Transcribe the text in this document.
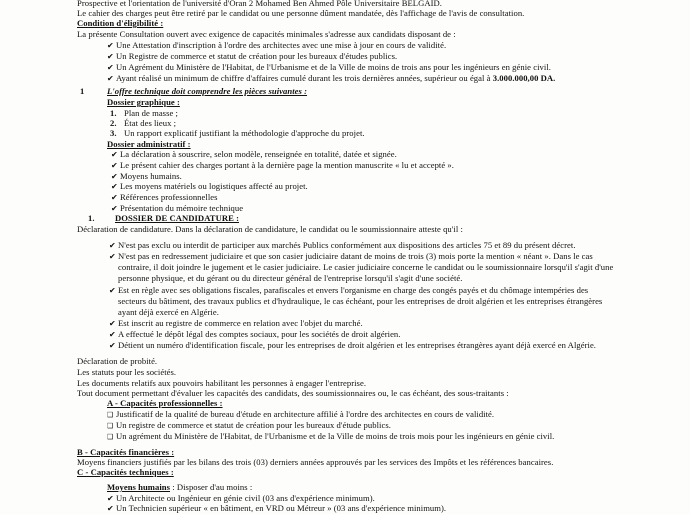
Prospective et l'orientation de l'université d'Oran 2 Mohamed Ben Ahmed Pôle Universitaire BELGAID.
Le cahier des charges peut être retiré par le candidat ou une personne dûment mandatée, dès l'affichage de l'avis de consultation.
Condition d'éligibilité :
La présente Consultation ouvert avec exigence de capacités minimales s'adresse aux candidats disposant de :
✔ Une Attestation d'inscription à l'ordre des architectes avec une mise à jour en cours de validité.
✔ Un Registre de commerce et statut de création pour les bureaux d'études publics.
✔ Un Agrément du Ministère de l'Habitat, de l'Urbanisme et de la Ville de moins de trois ans pour les ingénieurs en génie civil.
✔ Ayant réalisé un minimum de chiffre d'affaires cumulé durant les trois dernières années, supérieur ou égal à 3.000.000,00 DA.
1	L'offre technique doit comprendre les pièces suivantes :
Dossier graphique :
1. Plan de masse ;
2. État des lieux ;
3. Un rapport explicatif justifiant la méthodologie d'approche du projet.
Dossier administratif :
✔ La déclaration à souscrire, selon modèle, renseignée en totalité, datée et signée.
✔ Le présent cahier des charges portant à la dernière page la mention manuscrite « lu et accepté ».
✔ Moyens humains.
✔ Les moyens matériels ou logistiques affecté au projet.
✔ Références professionnelles
✔ Présentation du mémoire technique
1. DOSSIER DE CANDIDATURE :
Déclaration de candidature. Dans la déclaration de candidature, le candidat ou le soumissionnaire atteste qu'il :
✔ N'est pas exclu ou interdit de participer aux marchés Publics conformément aux dispositions des articles 75 et 89 du présent décret.
✔ N'est pas en redressement judiciaire et que son casier judiciaire datant de moins de trois (3) mois porte la mention « néant ». Dans le cas
contraire, il doit joindre le jugement et le casier judiciaire. Le casier judiciaire concerne le candidat ou le soumissionnaire lorsqu'il s'agit d'une
personne physique, et du gérant ou du directeur général de l'entreprise lorsqu'il s'agit d'une société.
✔ Est en règle avec ses obligations fiscales, parafiscales et envers l'organisme en charge des congés payés et du chômage intempéries des
secteurs du bâtiment, des travaux publics et d'hydraulique, le cas échéant, pour les entreprises de droit algérien et les entreprises étrangères
ayant déjà exercé en Algérie.
✔ Est inscrit au registre de commerce en relation avec l'objet du marché.
✔ A effectué le dépôt légal des comptes sociaux, pour les sociétés de droit algérien.
✔ Détient un numéro d'identification fiscale, pour les entreprises de droit algérien et les entreprises étrangères ayant déjà exercé en Algérie.
Déclaration de probité.
Les statuts pour les sociétés.
Les documents relatifs aux pouvoirs habilitant les personnes à engager l'entreprise.
Tout document permettant d'évaluer les capacités des candidats, des soumissionnaires ou, le cas échéant, des sous-traitants :
A - Capacités professionnelles :
❑ Justificatif de la qualité de bureau d'étude en architecture affilié à l'ordre des architectes en cours de validité.
❑ Un registre de commerce et statut de création pour les bureaux d'étude publics.
❑ Un agrément du Ministère de l'Habitat, de l'Urbanisme et de la Ville de moins de trois mois pour les ingénieurs en génie civil.
B - Capacités financières :
Moyens financiers justifiés par les bilans des trois (03) derniers années approuvés par les services des Impôts et les références bancaires.
C - Capacités techniques :
Moyens humains : Disposer d'au moins :
✔ Un Architecte ou Ingénieur en génie civil (03 ans d'expérience minimum).
✔ Un Technicien supérieur « en bâtiment, en VRD ou Métreur » (03 ans d'expérience minimum).
